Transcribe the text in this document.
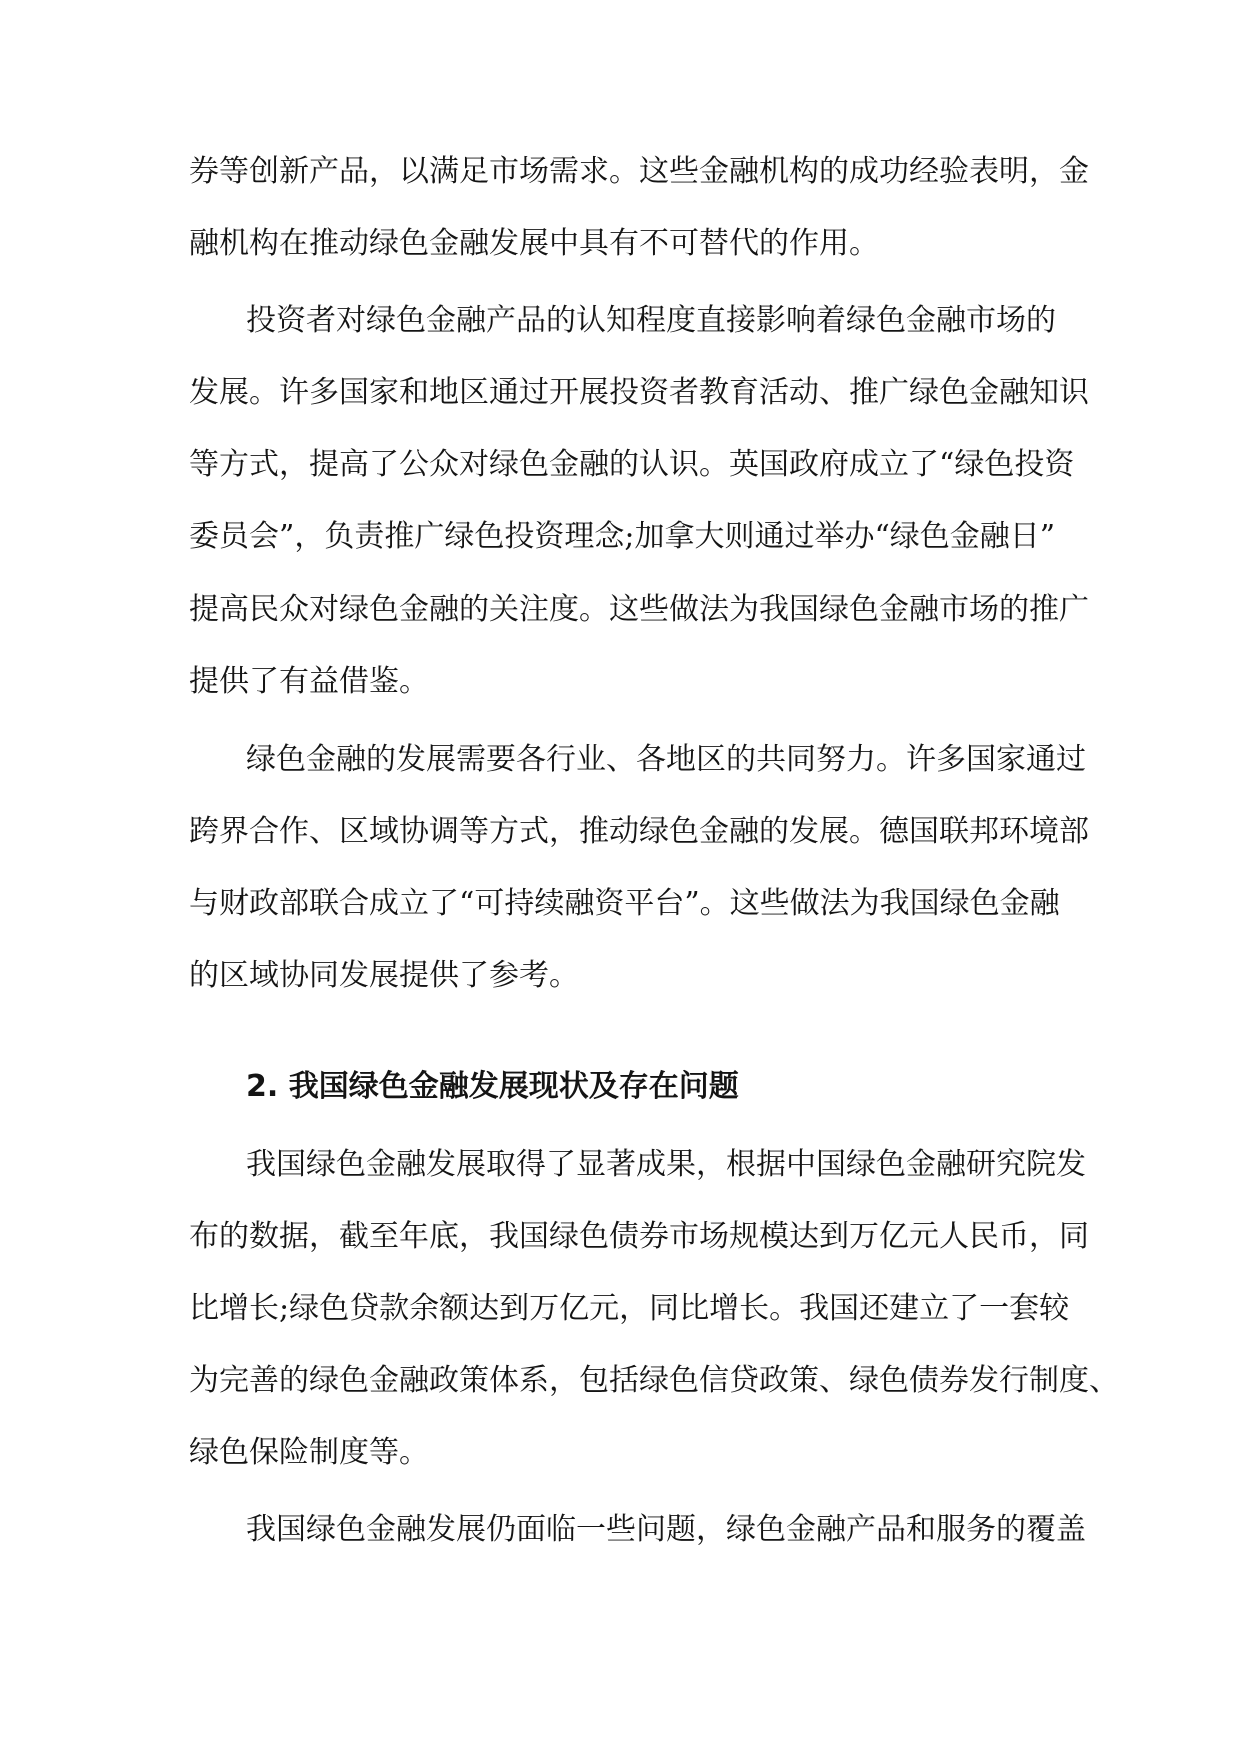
券等创新产品，以满足市场需求。这些金融机构的成功经验表明，金

融机构在推动绿色金融发展中具有不可替代的作用。

投资者对绿色金融产品的认知程度直接影响着绿色金融市场的

发展。许多国家和地区通过开展投资者教育活动、推广绿色金融知识

等方式，提高了公众对绿色金融的认识。英国政府成立了“绿色投资

委员会”，负责推广绿色投资理念;加拿大则通过举办“绿色金融日”

提高民众对绿色金融的关注度。这些做法为我国绿色金融市场的推广

提供了有益借鉴。

绿色金融的发展需要各行业、各地区的共同努力。许多国家通过

跨界合作、区域协调等方式，推动绿色金融的发展。德国联邦环境部

与财政部联合成立了“可持续融资平台”。这些做法为我国绿色金融

的区域协同发展提供了参考。

2. 我国绿色金融发展现状及存在问题

我国绿色金融发展取得了显著成果，根据中国绿色金融研究院发

布的数据，截至年底，我国绿色债券市场规模达到万亿元人民币，同

比增长;绿色贷款余额达到万亿元，同比增长。我国还建立了一套较

为完善的绿色金融政策体系，包括绿色信贷政策、绿色债券发行制度、

绿色保险制度等。

我国绿色金融发展仍面临一些问题，绿色金融产品和服务的覆盖
